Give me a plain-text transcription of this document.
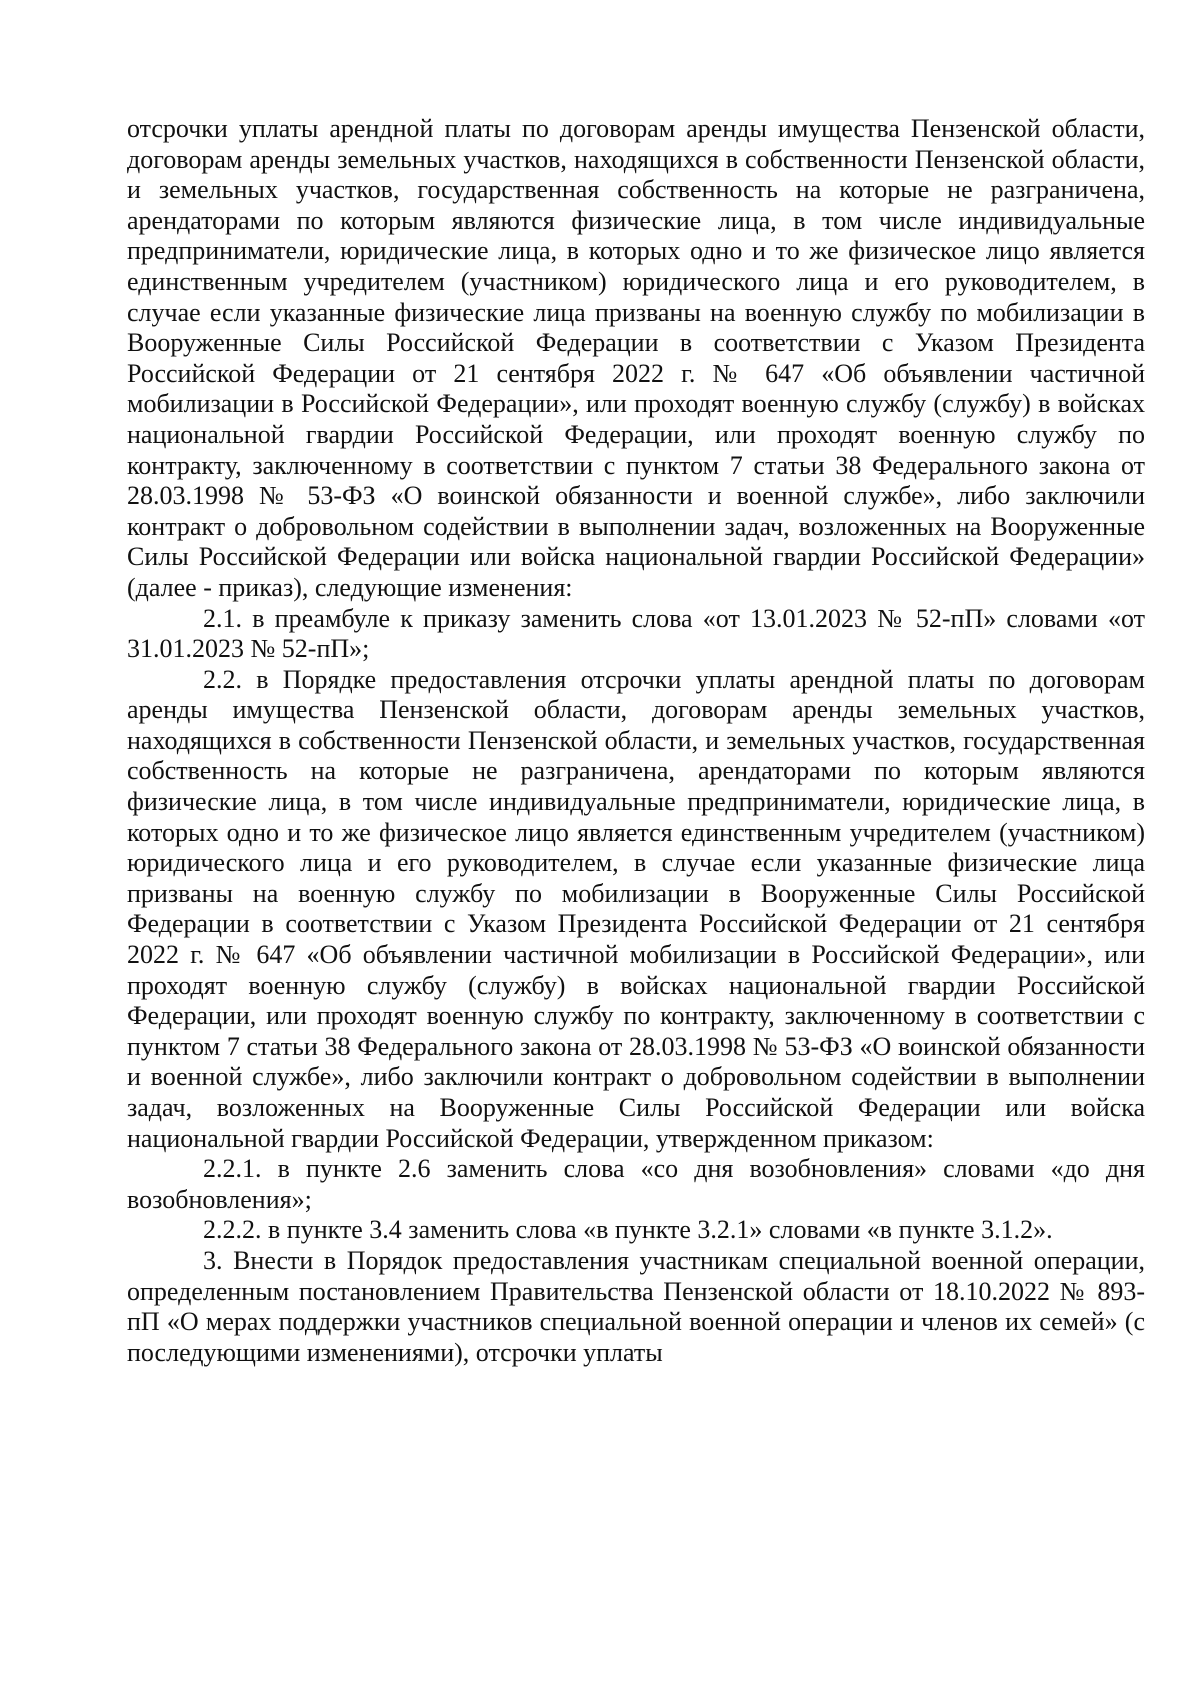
отсрочки уплаты арендной платы по договорам аренды имущества Пензенской области, договорам аренды земельных участков, находящихся в собственности Пензенской области, и земельных участков, государственная собственность на которые не разграничена, арендаторами по которым являются физические лица, в том числе индивидуальные предприниматели, юридические лица, в которых одно и то же физическое лицо является единственным учредителем (участником) юридического лица и его руководителем, в случае если указанные физические лица призваны на военную службу по мобилизации в Вооруженные Силы Российской Федерации в соответствии с Указом Президента Российской Федерации от 21 сентября 2022 г. № 647 «Об объявлении частичной мобилизации в Российской Федерации», или проходят военную службу (службу) в войсках национальной гвардии Российской Федерации, или проходят военную службу по контракту, заключенному в соответствии с пунктом 7 статьи 38 Федерального закона от 28.03.1998 № 53-ФЗ «О воинской обязанности и военной службе», либо заключили контракт о добровольном содействии в выполнении задач, возложенных на Вооруженные Силы Российской Федерации или войска национальной гвардии Российской Федерации» (далее - приказ), следующие изменения:

2.1. в преамбуле к приказу заменить слова «от 13.01.2023 № 52-пП» словами «от 31.01.2023 № 52-пП»;

2.2. в Порядке предоставления отсрочки уплаты арендной платы по договорам аренды имущества Пензенской области, договорам аренды земельных участков, находящихся в собственности Пензенской области, и земельных участков, государственная собственность на которые не разграничена, арендаторами по которым являются физические лица, в том числе индивидуальные предприниматели, юридические лица, в которых одно и то же физическое лицо является единственным учредителем (участником) юридического лица и его руководителем, в случае если указанные физические лица призваны на военную службу по мобилизации в Вооруженные Силы Российской Федерации в соответствии с Указом Президента Российской Федерации от 21 сентября 2022 г. № 647 «Об объявлении частичной мобилизации в Российской Федерации», или проходят военную службу (службу) в войсках национальной гвардии Российской Федерации, или проходят военную службу по контракту, заключенному в соответствии с пунктом 7 статьи 38 Федерального закона от 28.03.1998 № 53-ФЗ «О воинской обязанности и военной службе», либо заключили контракт о добровольном содействии в выполнении задач, возложенных на Вооруженные Силы Российской Федерации или войска национальной гвардии Российской Федерации, утвержденном приказом:

2.2.1. в пункте 2.6 заменить слова «со дня возобновления» словами «до дня возобновления»;

2.2.2. в пункте 3.4 заменить слова «в пункте 3.2.1» словами «в пункте 3.1.2».

3. Внести в Порядок предоставления участникам специальной военной операции, определенным постановлением Правительства Пензенской области от 18.10.2022 № 893-пП «О мерах поддержки участников специальной военной операции и членов их семей» (с последующими изменениями), отсрочки уплаты
